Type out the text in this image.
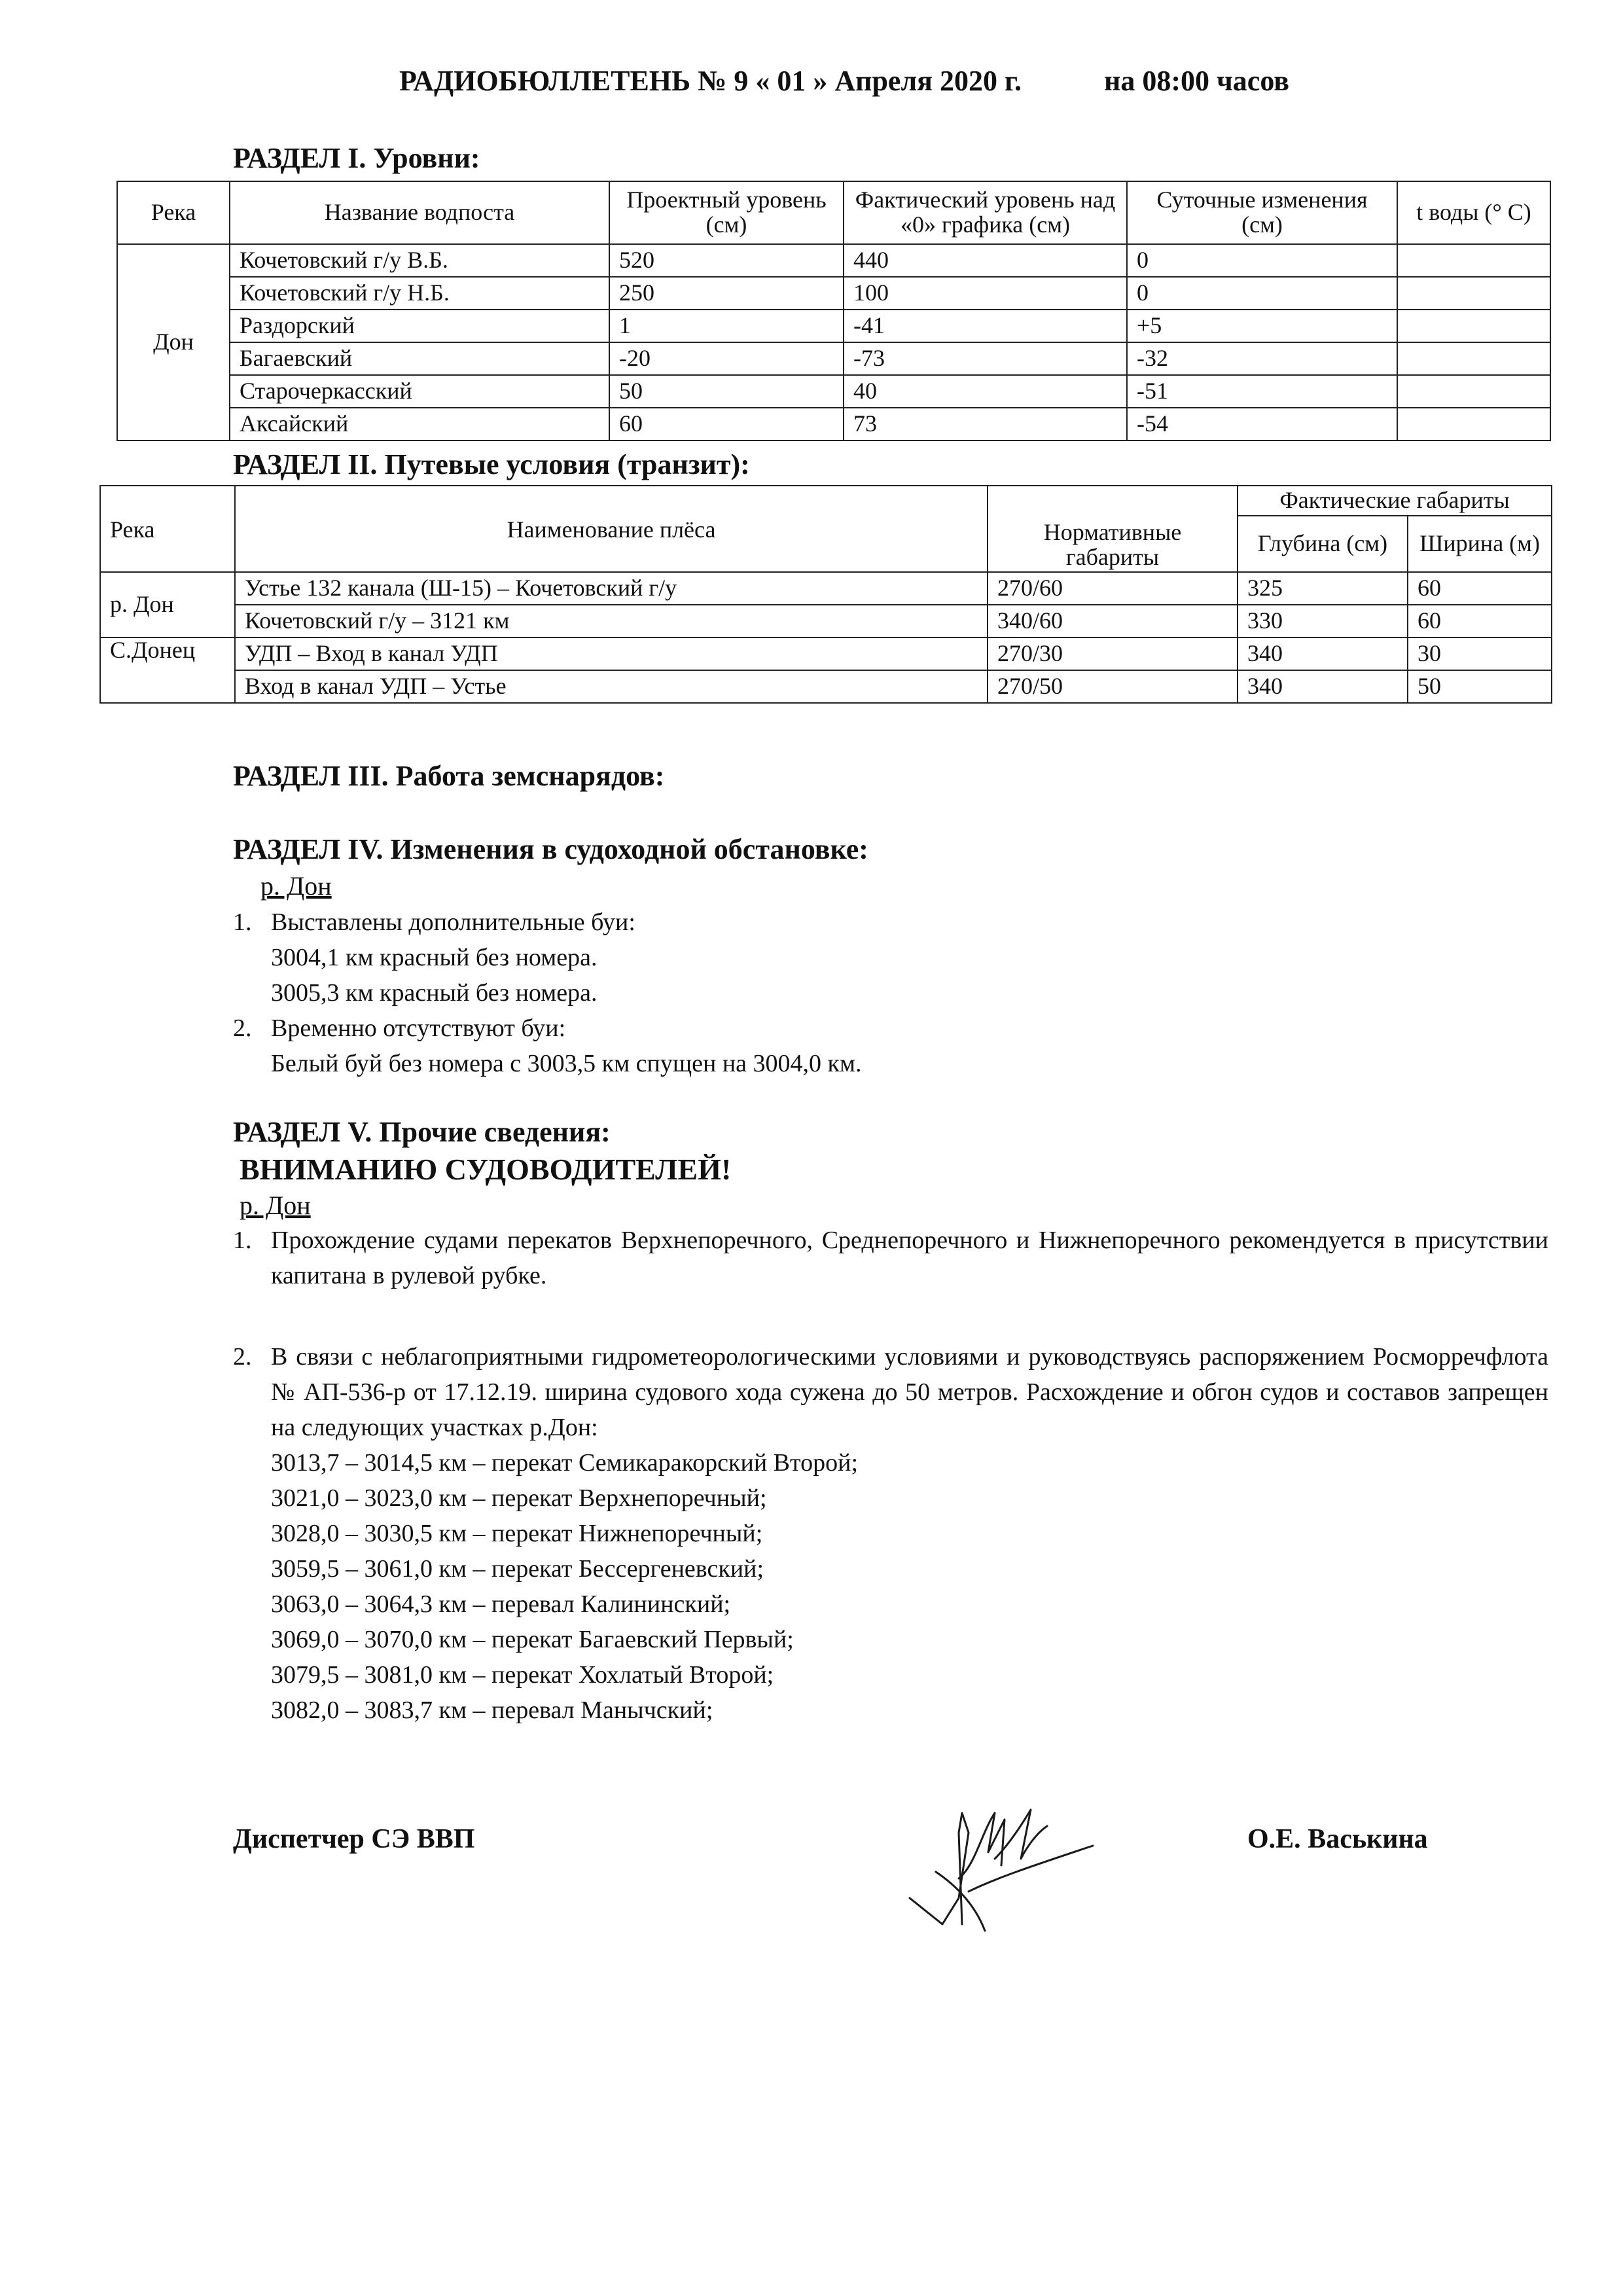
РАДИОБЮЛЛЕТЕНЬ № 9 « 01 » Апреля 2020 г.	на 08:00 часов
РАЗДЕЛ I. Уровни:
Река	Название водпоста	Проектный уровень (см)	Фактический уровень над «0» графика (см)	Суточные изменения (см)	t воды (° С)
Дон	Кочетовский г/у В.Б.	520	440	0	
	Кочетовский г/у Н.Б.	250	100	0	
	Раздорский	1	-41	+5	
	Багаевский	-20	-73	-32	
	Старочеркасский	50	40	-51	
	Аксайский	60	73	-54	
РАЗДЕЛ II. Путевые условия (транзит):
Река	Наименование плёса	Нормативные габариты	Фактические габариты	
			Глубина (см)	Ширина (м)
р. Дон	Устье 132 канала (Ш-15) – Кочетовский г/у	270/60	325	60
	Кочетовский г/у – 3121 км	340/60	330	60
С.Донец	УДП – Вход в канал УДП	270/30	340	30
	Вход в канал УДП – Устье	270/50	340	50
РАЗДЕЛ III. Работа земснарядов:
РАЗДЕЛ IV. Изменения в судоходной обстановке:
р. Дон
1. Выставлены дополнительные буи:
3004,1 км красный без номера.
3005,3 км красный без номера.
2. Временно отсутствуют буи:
Белый буй без номера с 3003,5 км спущен на 3004,0 км.
РАЗДЕЛ V. Прочие сведения:
ВНИМАНИЮ СУДОВОДИТЕЛЕЙ!
р. Дон
1. Прохождение судами перекатов Верхнепоречного, Среднепоречного и Нижнепоречного рекомендуется в присутствии капитана в рулевой рубке.
2. В связи с неблагоприятными гидрометеорологическими условиями и руководствуясь распоряжением Росморречфлота № АП-536-р от 17.12.19. ширина судового хода сужена до 50 метров. Расхождение и обгон судов и составов запрещен на следующих участках р.Дон:
3013,7 – 3014,5 км – перекат Семикаракорский Второй;
3021,0 – 3023,0 км – перекат Верхнепоречный;
3028,0 – 3030,5 км – перекат Нижнепоречный;
3059,5 – 3061,0 км – перекат Бессергеневский;
3063,0 – 3064,3 км – перевал Калининский;
3069,0 – 3070,0 км – перекат Багаевский Первый;
3079,5 – 3081,0 км – перекат Хохлатый Второй;
3082,0 – 3083,7 км – перевал Манычский;
Диспетчер СЭ ВВП	О.Е. Васькина
